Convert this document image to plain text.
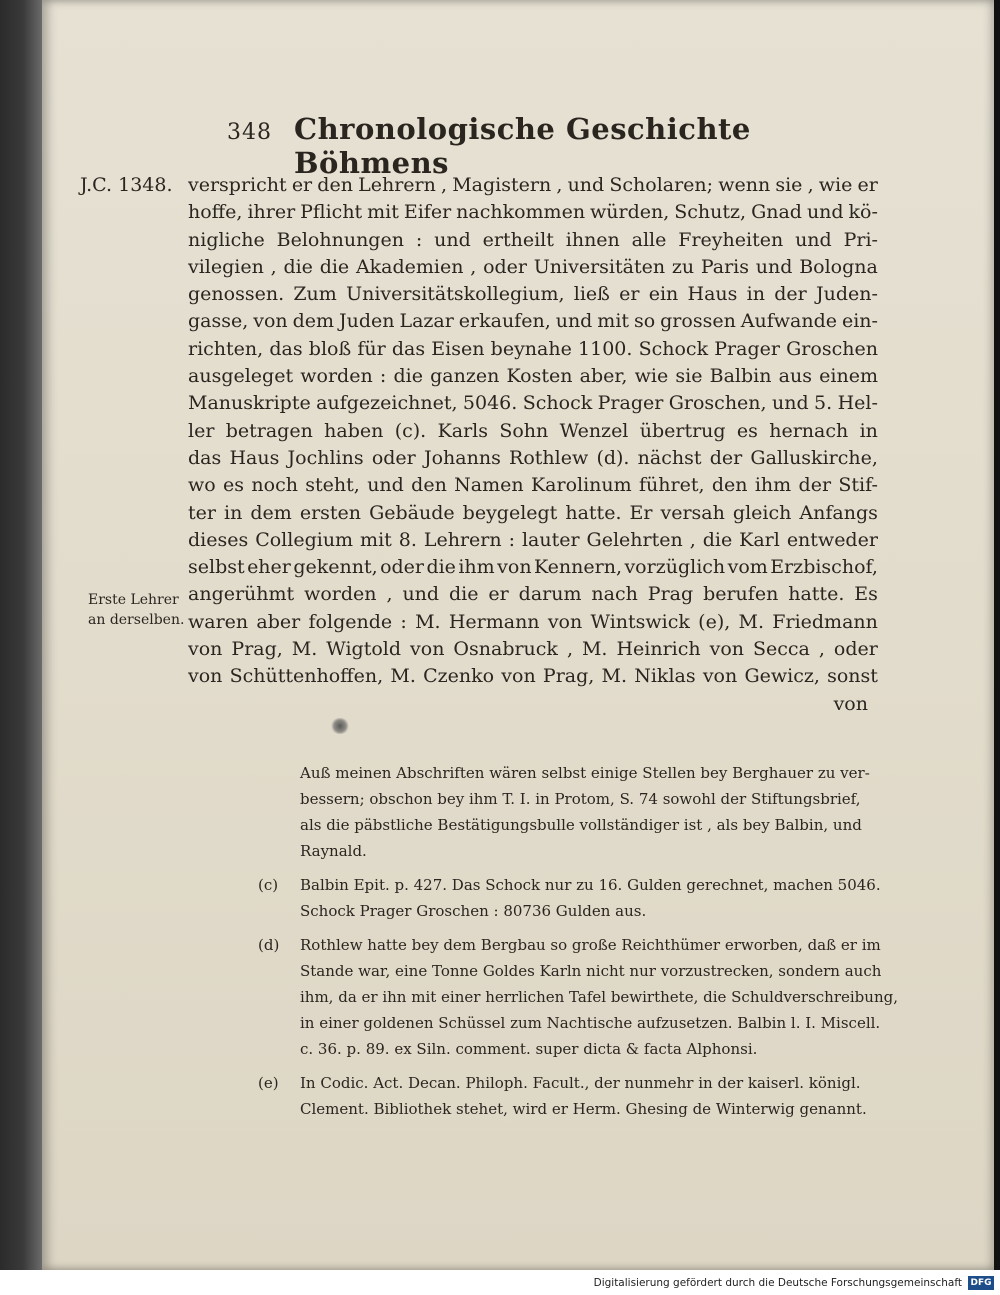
348 Chronologische Geschichte Böhmens
J.C. 1348.
Erste Lehrer
an derselben.
verspricht er den Lehrern , Magistern , und Scholaren; wenn sie , wie er
hoffe, ihrer Pflicht mit Eifer nachkommen würden, Schutz, Gnad und kö-
nigliche Belohnungen : und ertheilt ihnen alle Freyheiten und Pri-
vilegien , die die Akademien , oder Universitäten zu Paris und Bologna
genossen. Zum Universitätskollegium, ließ er ein Haus in der Juden-
gasse, von dem Juden Lazar erkaufen, und mit so grossen Aufwande ein-
richten, das bloß für das Eisen beynahe 1100. Schock Prager Groschen
ausgeleget worden : die ganzen Kosten aber, wie sie Balbin aus einem
Manuskripte aufgezeichnet, 5046. Schock Prager Groschen, und 5. Hel-
ler betragen haben (c). Karls Sohn Wenzel übertrug es hernach in
das Haus Jochlins oder Johanns Rothlew (d). nächst der Galluskirche,
wo es noch steht, und den Namen Karolinum führet, den ihm der Stif-
ter in dem ersten Gebäude beygelegt hatte. Er versah gleich Anfangs
dieses Collegium mit 8. Lehrern : lauter Gelehrten , die Karl entweder
selbst eher gekennt, oder die ihm von Kennern, vorzüglich vom Erzbischof,
angerühmt worden , und die er darum nach Prag berufen hatte. Es
waren aber folgende : M. Hermann von Wintswick (e), M. Friedmann
von Prag, M. Wigtold von Osnabruck , M. Heinrich von Secca , oder
von Schüttenhoffen, M. Czenko von Prag, M. Niklas von Gewicz, sonst
von
Auß meinen Abschriften wären selbst einige Stellen bey Berghauer zu ver-
bessern; obschon bey ihm T. I. in Protom, S. 74 sowohl der Stiftungsbrief,
als die päbstliche Bestätigungsbulle vollständiger ist , als bey Balbin, und
Raynald.
(c)	Balbin Epit. p. 427. Das Schock nur zu 16. Gulden gerechnet, machen 5046.
Schock Prager Groschen : 80736 Gulden aus.
(d)	Rothlew hatte bey dem Bergbau so große Reichthümer erworben, daß er im
Stande war, eine Tonne Goldes Karln nicht nur vorzustrecken, sondern auch
ihm, da er ihn mit einer herrlichen Tafel bewirthete, die Schuldverschreibung,
in einer goldenen Schüssel zum Nachtische aufzusetzen. Balbin l. I. Miscell.
c. 36. p. 89. ex Siln. comment. super dicta & facta Alphonsi.
(e)	In Codic. Act. Decan. Philoph. Facult., der nunmehr in der kaiserl. königl.
Clement. Bibliothek stehet, wird er Herm. Ghesing de Winterwig genannt.
Digitalisierung gefördert durch die Deutsche Forschungsgemeinschaft DFG
